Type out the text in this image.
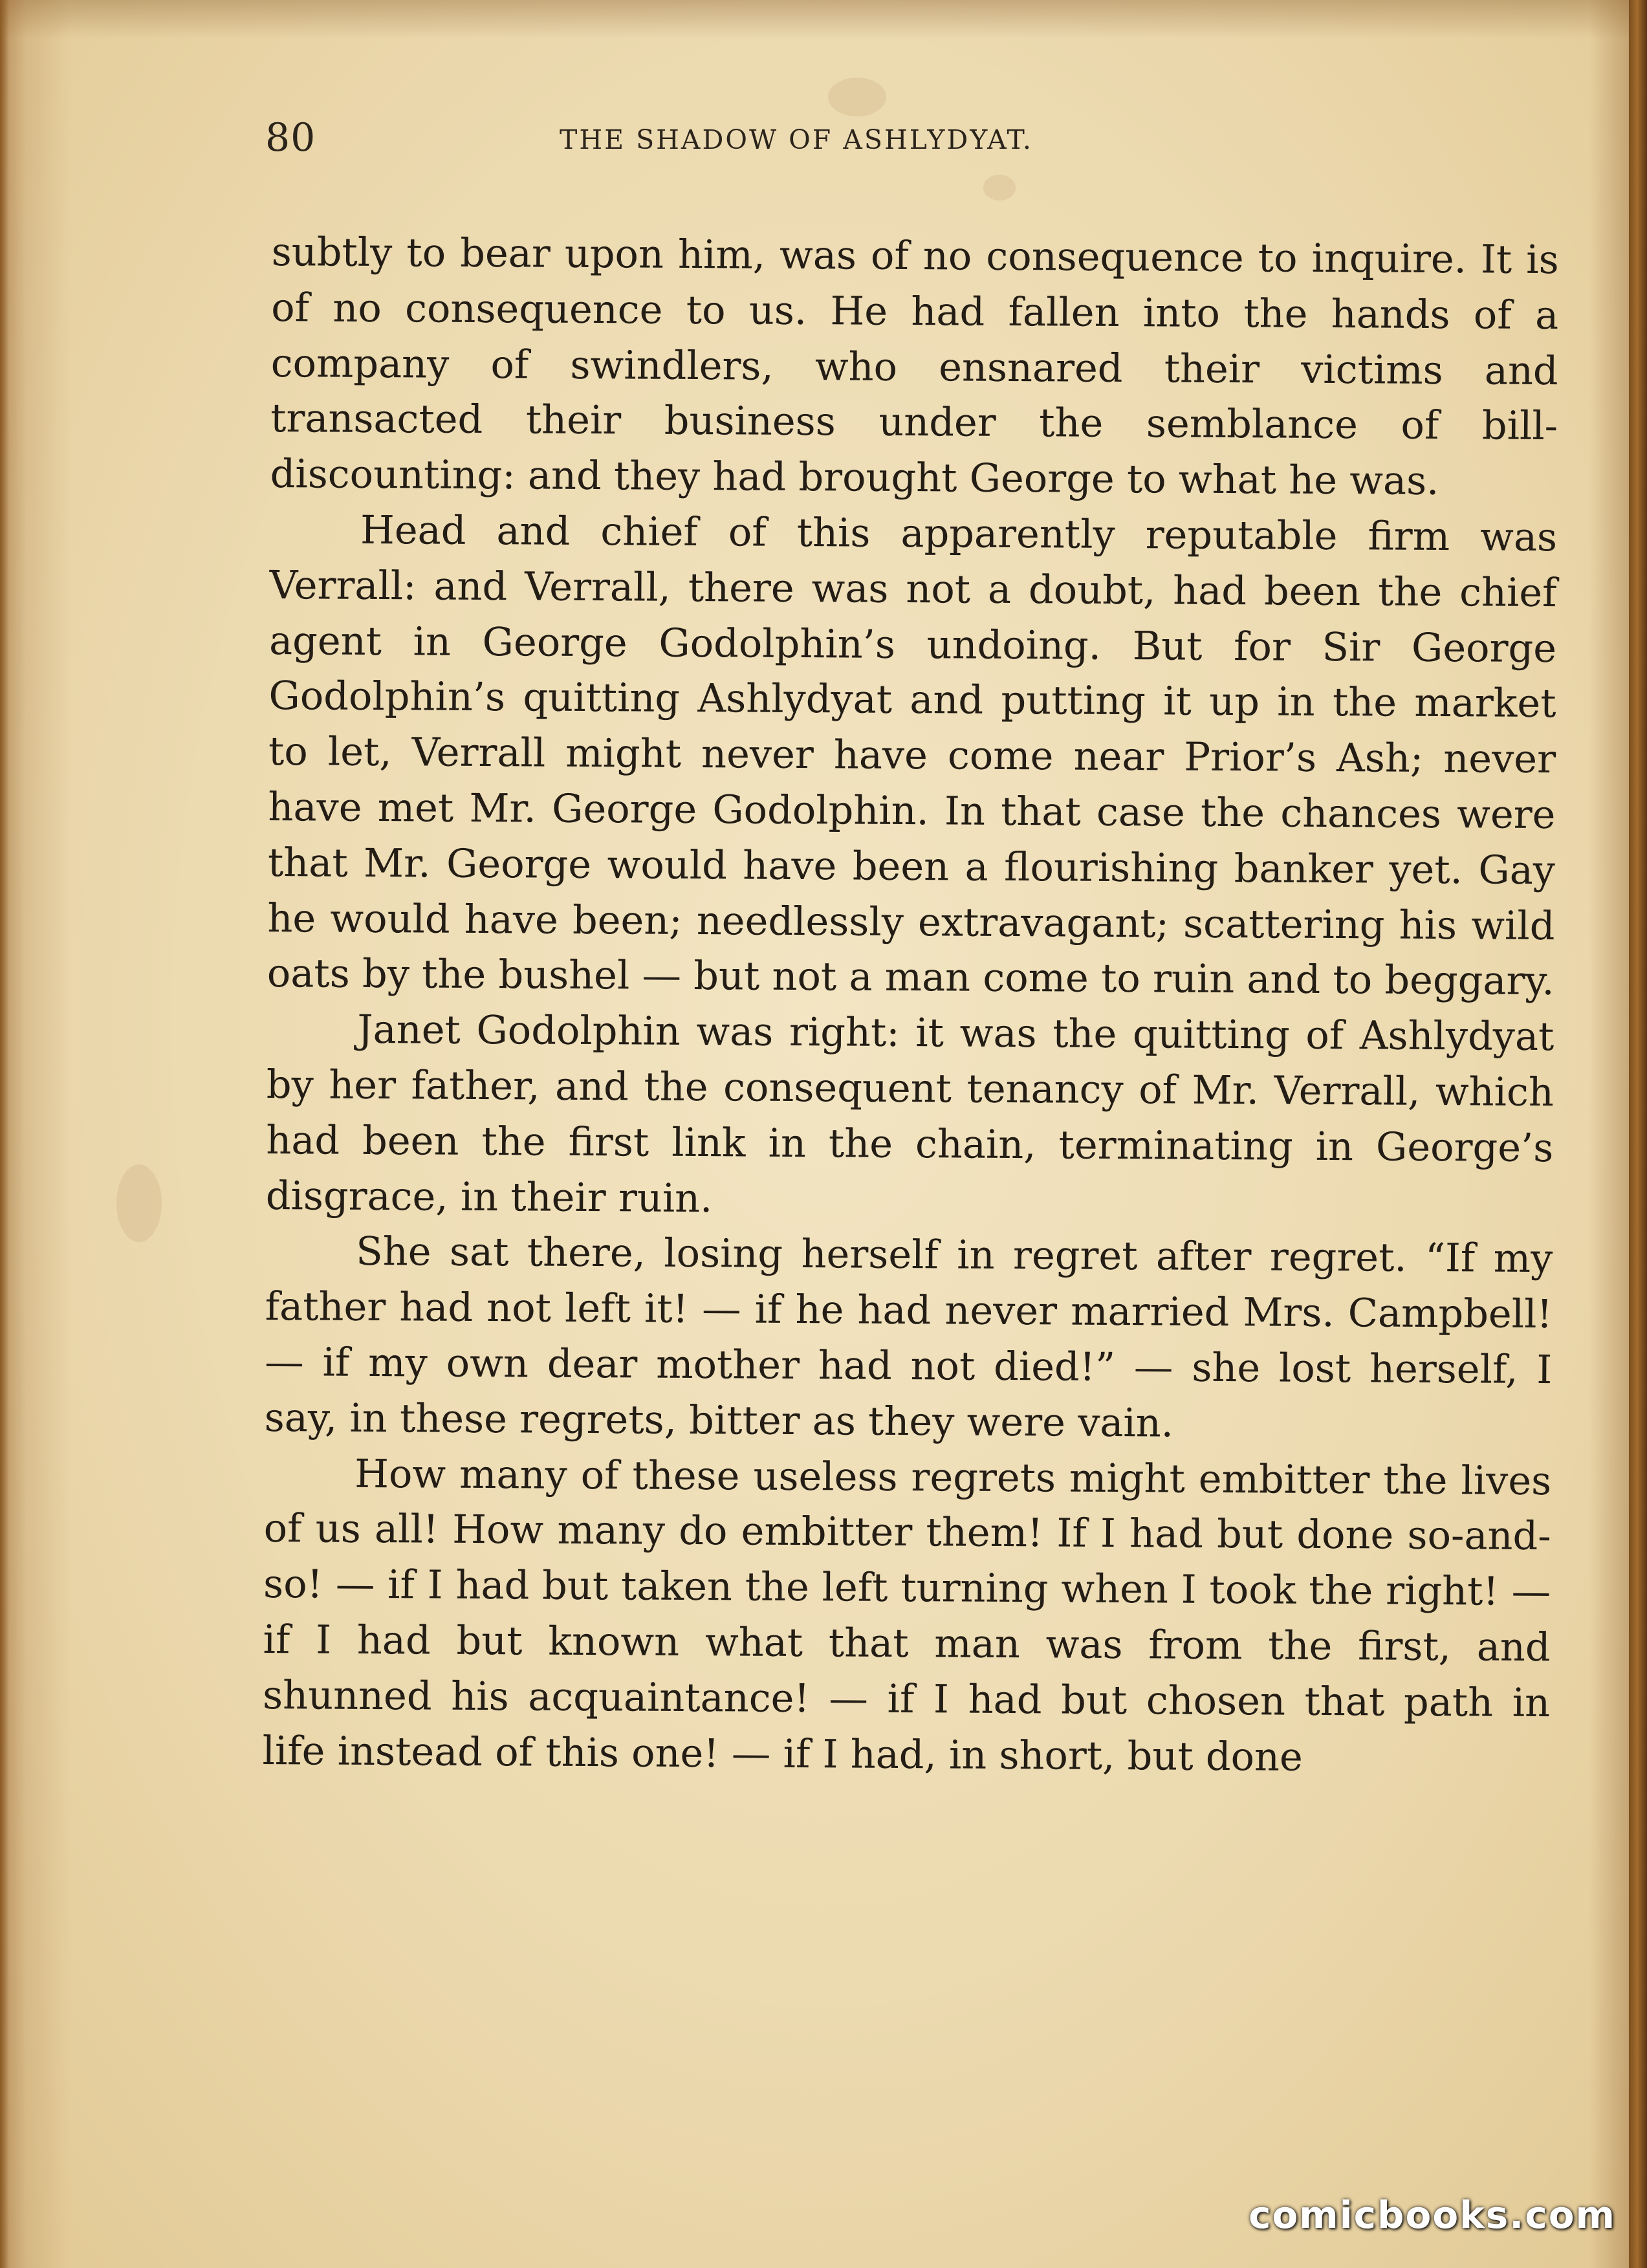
80	THE SHADOW OF ASHLYDYAT.

subtly to bear upon him, was of no consequence to inquire. It is of no consequence to us. He had fallen into the hands of a company of swindlers, who ensnared their victims and transacted their business under the semblance of bill-discounting: and they had brought George to what he was.

Head and chief of this apparently reputable firm was Verrall: and Verrall, there was not a doubt, had been the chief agent in George Godolphin’s undoing. But for Sir George Godolphin’s quitting Ashlydyat and putting it up in the market to let, Verrall might never have come near Prior’s Ash; never have met Mr. George Godolphin. In that case the chances were that Mr. George would have been a flourishing banker yet. Gay he would have been; needlessly extravagant; scattering his wild oats by the bushel — but not a man come to ruin and to beggary.

Janet Godolphin was right: it was the quitting of Ashlydyat by her father, and the consequent tenancy of Mr. Verrall, which had been the first link in the chain, terminating in George’s disgrace, in their ruin.

She sat there, losing herself in regret after regret. “If my father had not left it! — if he had never married Mrs. Campbell! — if my own dear mother had not died!” — she lost herself, I say, in these regrets, bitter as they were vain.

How many of these useless regrets might embitter the lives of us all! How many do embitter them! If I had but done so-and-so! — if I had but taken the left turning when I took the right! — if I had but known what that man was from the first, and shunned his acquaintance! — if I had but chosen that path in life instead of this one! — if I had, in short, but done

comicbooks.com
